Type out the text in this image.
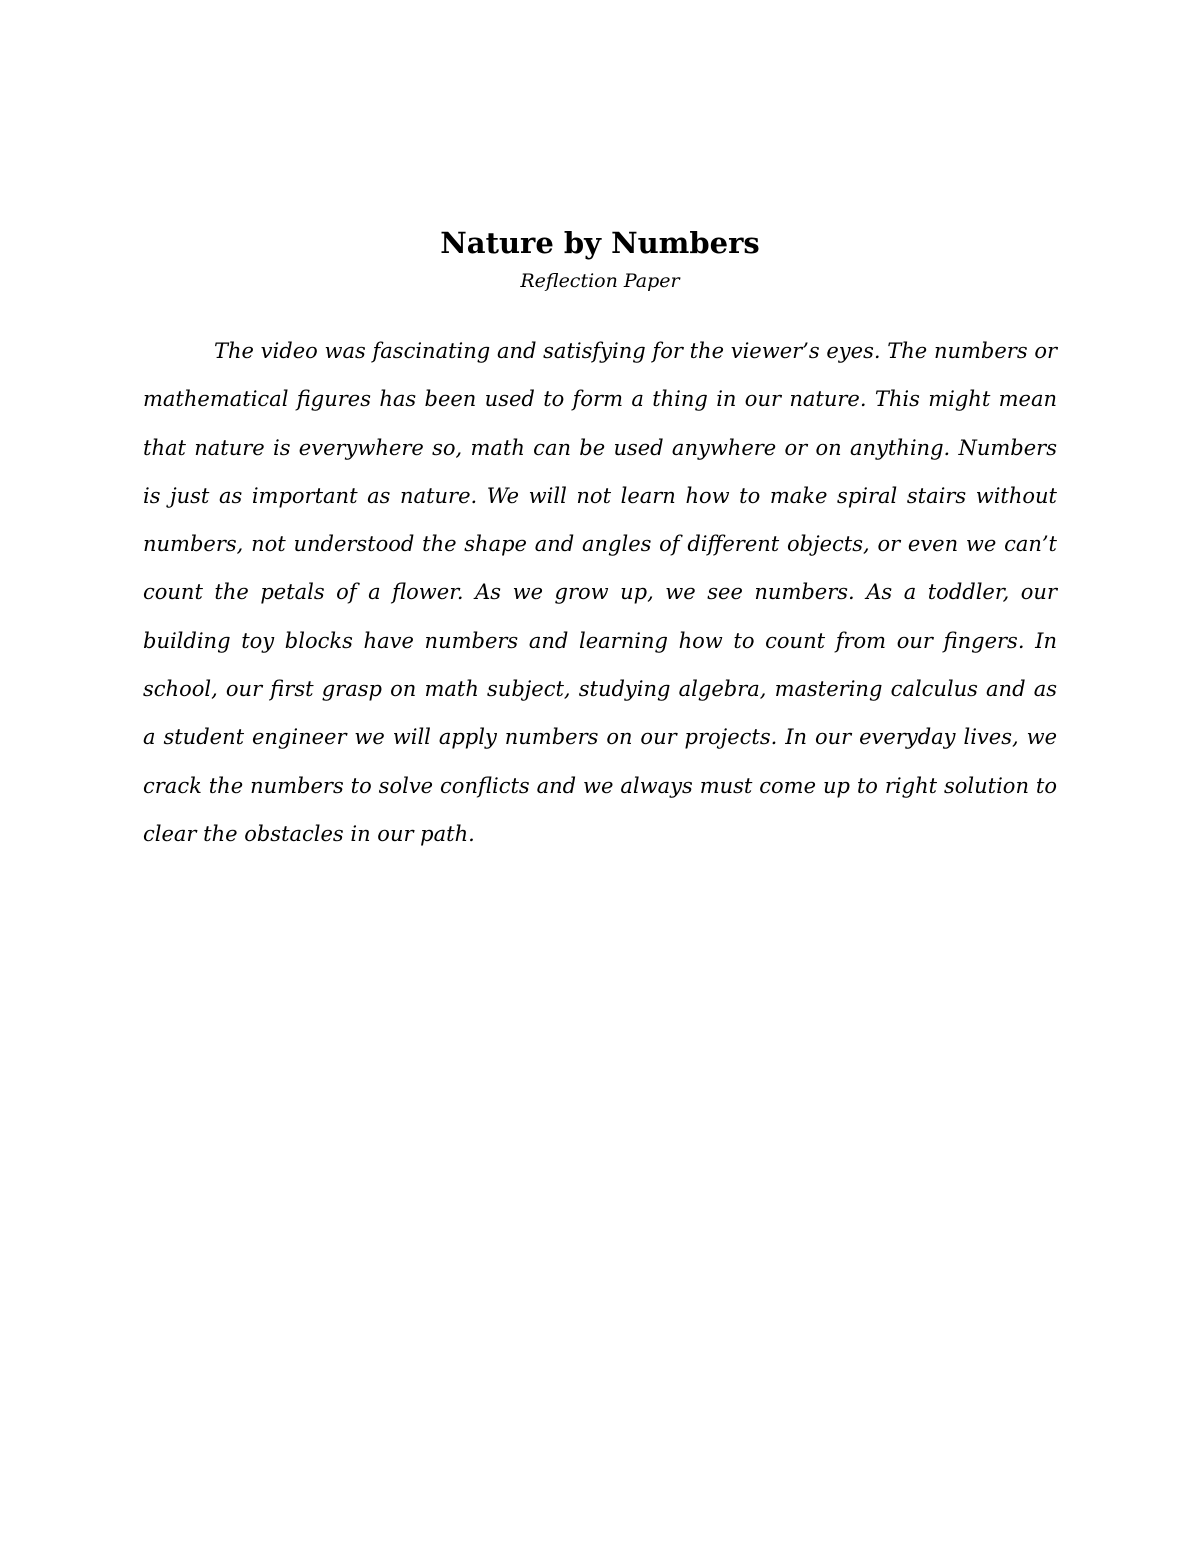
Nature by Numbers
Reflection Paper

The video was fascinating and satisfying for the viewer’s eyes. The numbers or mathematical figures has been used to form a thing in our nature. This might mean that nature is everywhere so, math can be used anywhere or on anything. Numbers is just as important as nature. We will not learn how to make spiral stairs without numbers, not understood the shape and angles of different objects, or even we can’t count the petals of a flower. As we grow up, we see numbers. As a toddler, our building toy blocks have numbers and learning how to count from our fingers. In school, our first grasp on math subject, studying algebra, mastering calculus and as a student engineer we will apply numbers on our projects. In our everyday lives, we crack the numbers to solve conflicts and we always must come up to right solution to clear the obstacles in our path.
